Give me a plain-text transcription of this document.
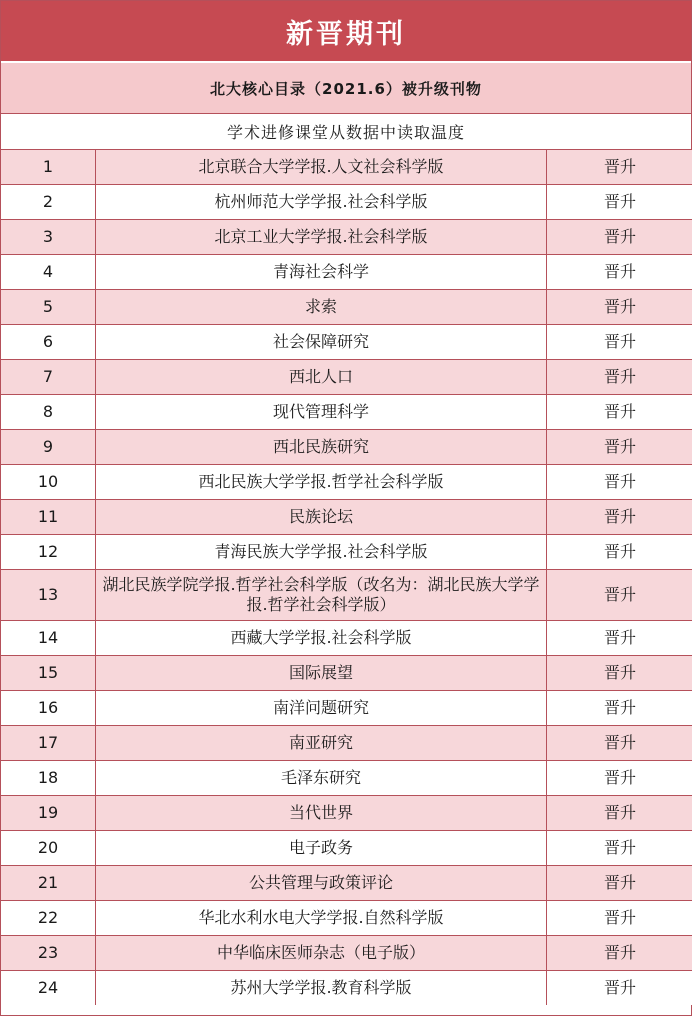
新晋期刊
北大核心目录（2021.6）被升级刊物
学术进修课堂从数据中读取温度
1	北京联合大学学报.人文社会科学版	晋升
2	杭州师范大学学报.社会科学版	晋升
3	北京工业大学学报.社会科学版	晋升
4	青海社会科学	晋升
5	求索	晋升
6	社会保障研究	晋升
7	西北人口	晋升
8	现代管理科学	晋升
9	西北民族研究	晋升
10	西北民族大学学报.哲学社会科学版	晋升
11	民族论坛	晋升
12	青海民族大学学报.社会科学版	晋升
13	湖北民族学院学报.哲学社会科学版（改名为：湖北民族大学学报.哲学社会科学版）	晋升
14	西藏大学学报.社会科学版	晋升
15	国际展望	晋升
16	南洋问题研究	晋升
17	南亚研究	晋升
18	毛泽东研究	晋升
19	当代世界	晋升
20	电子政务	晋升
21	公共管理与政策评论	晋升
22	华北水利水电大学学报.自然科学版	晋升
23	中华临床医师杂志（电子版）	晋升
24	苏州大学学报.教育科学版	晋升
